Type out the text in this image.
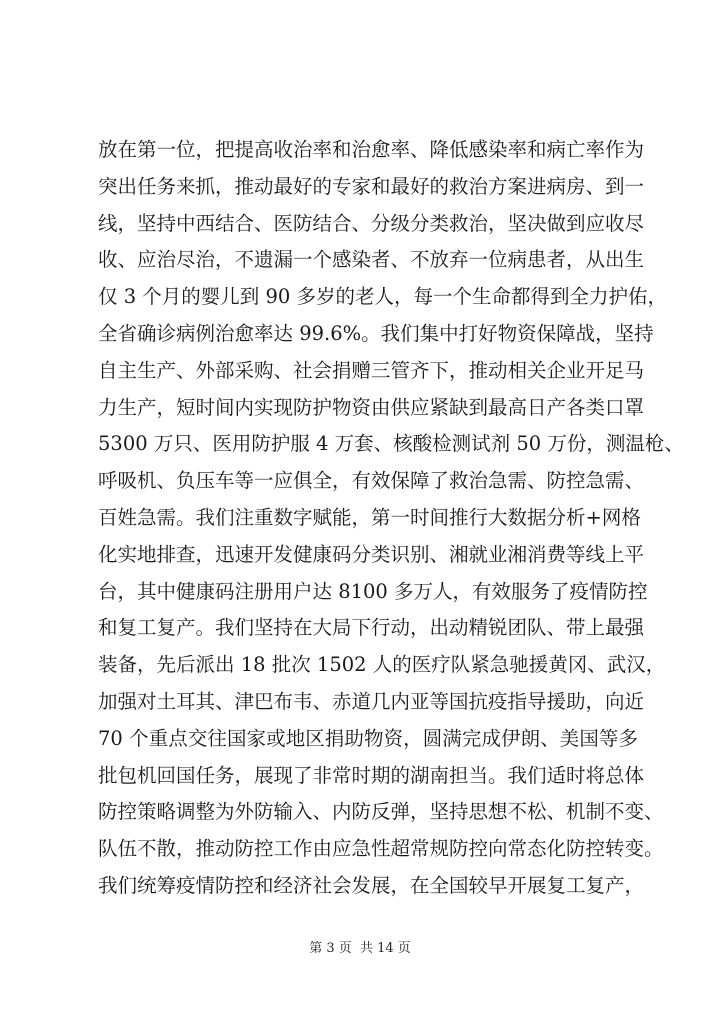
放在第一位，把提高收治率和治愈率、降低感染率和病亡率作为
突出任务来抓，推动最好的专家和最好的救治方案进病房、到一
线，坚持中西结合、医防结合、分级分类救治，坚决做到应收尽
收、应治尽治，不遗漏一个感染者、不放弃一位病患者，从出生
仅 3 个月的婴儿到 90 多岁的老人，每一个生命都得到全力护佑，
全省确诊病例治愈率达 99.6%。我们集中打好物资保障战，坚持
自主生产、外部采购、社会捐赠三管齐下，推动相关企业开足马
力生产，短时间内实现防护物资由供应紧缺到最高日产各类口罩
5300 万只、医用防护服 4 万套、核酸检测试剂 50 万份，测温枪、
呼吸机、负压车等一应俱全，有效保障了救治急需、防控急需、
百姓急需。我们注重数字赋能，第一时间推行大数据分析+网格
化实地排查，迅速开发健康码分类识别、湘就业湘消费等线上平
台，其中健康码注册用户达 8100 多万人，有效服务了疫情防控
和复工复产。我们坚持在大局下行动，出动精锐团队、带上最强
装备，先后派出 18 批次 1502 人的医疗队紧急驰援黄冈、武汉，
加强对土耳其、津巴布韦、赤道几内亚等国抗疫指导援助，向近
70 个重点交往国家或地区捐助物资，圆满完成伊朗、美国等多
批包机回国任务，展现了非常时期的湖南担当。我们适时将总体
防控策略调整为外防输入、内防反弹，坚持思想不松、机制不变、
队伍不散，推动防控工作由应急性超常规防控向常态化防控转变。
我们统筹疫情防控和经济社会发展，在全国较早开展复工复产，
第 3 页 共 14 页
